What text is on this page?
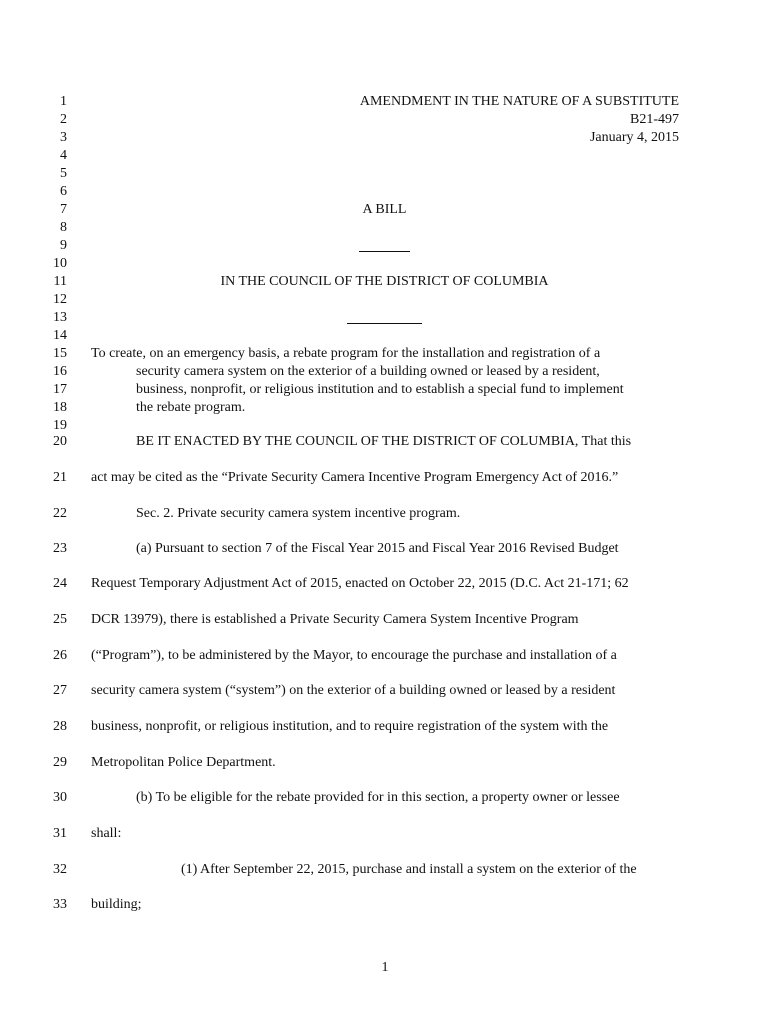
1
2
3
4
5
6
7
8
9
10
11
12
13
14
15
16
17
18
19
20
21
22
23
24
25
26
27
28
29
30
31
32
33
AMENDMENT IN THE NATURE OF A SUBSTITUTE
B21-497
January 4, 2015
A BILL
IN THE COUNCIL OF THE DISTRICT OF COLUMBIA
To create, on an emergency basis, a rebate program for the installation and registration of a
security camera system on the exterior of a building owned or leased by a resident,
business, nonprofit, or religious institution and to establish a special fund to implement
the rebate program.
BE IT ENACTED BY THE COUNCIL OF THE DISTRICT OF COLUMBIA, That this
act may be cited as the “Private Security Camera Incentive Program Emergency Act of 2016.”
Sec. 2. Private security camera system incentive program.
(a) Pursuant to section 7 of the Fiscal Year 2015 and Fiscal Year 2016 Revised Budget
Request Temporary Adjustment Act of 2015, enacted on October 22, 2015 (D.C. Act 21-171; 62
DCR 13979), there is established a Private Security Camera System Incentive Program
(“Program”), to be administered by the Mayor, to encourage the purchase and installation of a
security camera system (“system”) on the exterior of a building owned or leased by a resident
business, nonprofit, or religious institution, and to require registration of the system with the
Metropolitan Police Department.
(b) To be eligible for the rebate provided for in this section, a property owner or lessee
shall:
(1) After September 22, 2015, purchase and install a system on the exterior of the
building;
1
